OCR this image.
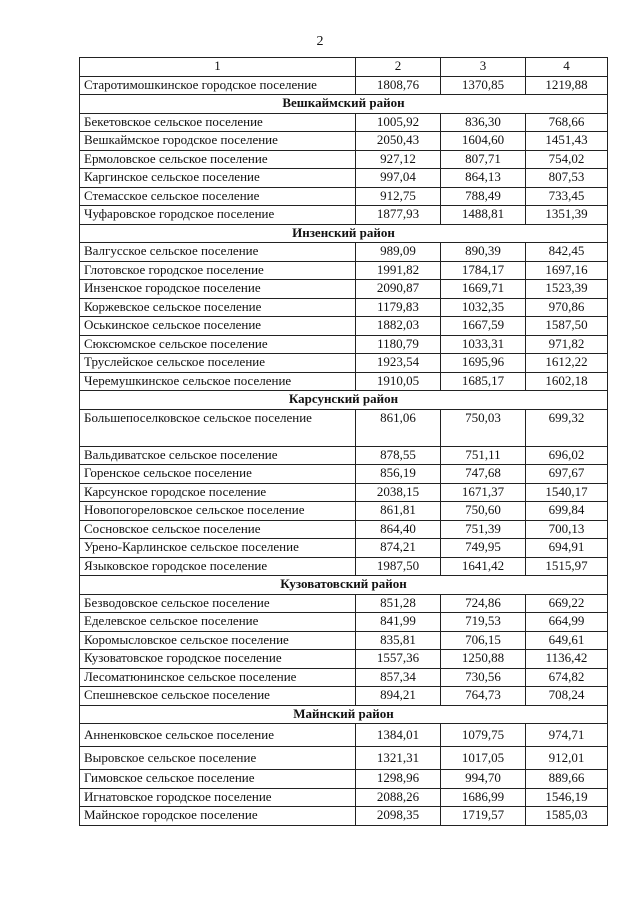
2
1	2	3	4
Старотимошкинское городское поселение	1808,76	1370,85	1219,88
Вешкаймский район			
Бекетовское сельское поселение	1005,92	836,30	768,66
Вешкаймское городское поселение	2050,43	1604,60	1451,43
Ермоловское сельское поселение	927,12	807,71	754,02
Каргинское сельское поселение	997,04	864,13	807,53
Стемасское сельское поселение	912,75	788,49	733,45
Чуфаровское городское поселение	1877,93	1488,81	1351,39
Инзенский район			
Валгусское сельское поселение	989,09	890,39	842,45
Глотовское городское поселение	1991,82	1784,17	1697,16
Инзенское городское поселение	2090,87	1669,71	1523,39
Коржевское сельское поселение	1179,83	1032,35	970,86
Оськинское сельское поселение	1882,03	1667,59	1587,50
Сюксюмское сельское поселение	1180,79	1033,31	971,82
Труслейское сельское поселение	1923,54	1695,96	1612,22
Черемушкинское сельское поселение	1910,05	1685,17	1602,18
Карсунский район			
Большепоселковское сельское поселение	861,06	750,03	699,32
Вальдиватское сельское поселение	878,55	751,11	696,02
Горенское сельское поселение	856,19	747,68	697,67
Карсунское городское поселение	2038,15	1671,37	1540,17
Новопогореловское сельское поселение	861,81	750,60	699,84
Сосновское сельское поселение	864,40	751,39	700,13
Урено-Карлинское сельское поселение	874,21	749,95	694,91
Языковское городское поселение	1987,50	1641,42	1515,97
Кузоватовский район			
Безводовское сельское поселение	851,28	724,86	669,22
Еделевское сельское поселение	841,99	719,53	664,99
Коромысловское сельское поселение	835,81	706,15	649,61
Кузоватовское городское поселение	1557,36	1250,88	1136,42
Лесоматюнинское сельское поселение	857,34	730,56	674,82
Спешневское сельское поселение	894,21	764,73	708,24
Майнский район			
Анненковское сельское поселение	1384,01	1079,75	974,71
Выровское сельское поселение	1321,31	1017,05	912,01
Гимовское сельское поселение	1298,96	994,70	889,66
Игнатовское городское поселение	2088,26	1686,99	1546,19
Майнское городское поселение	2098,35	1719,57	1585,03
